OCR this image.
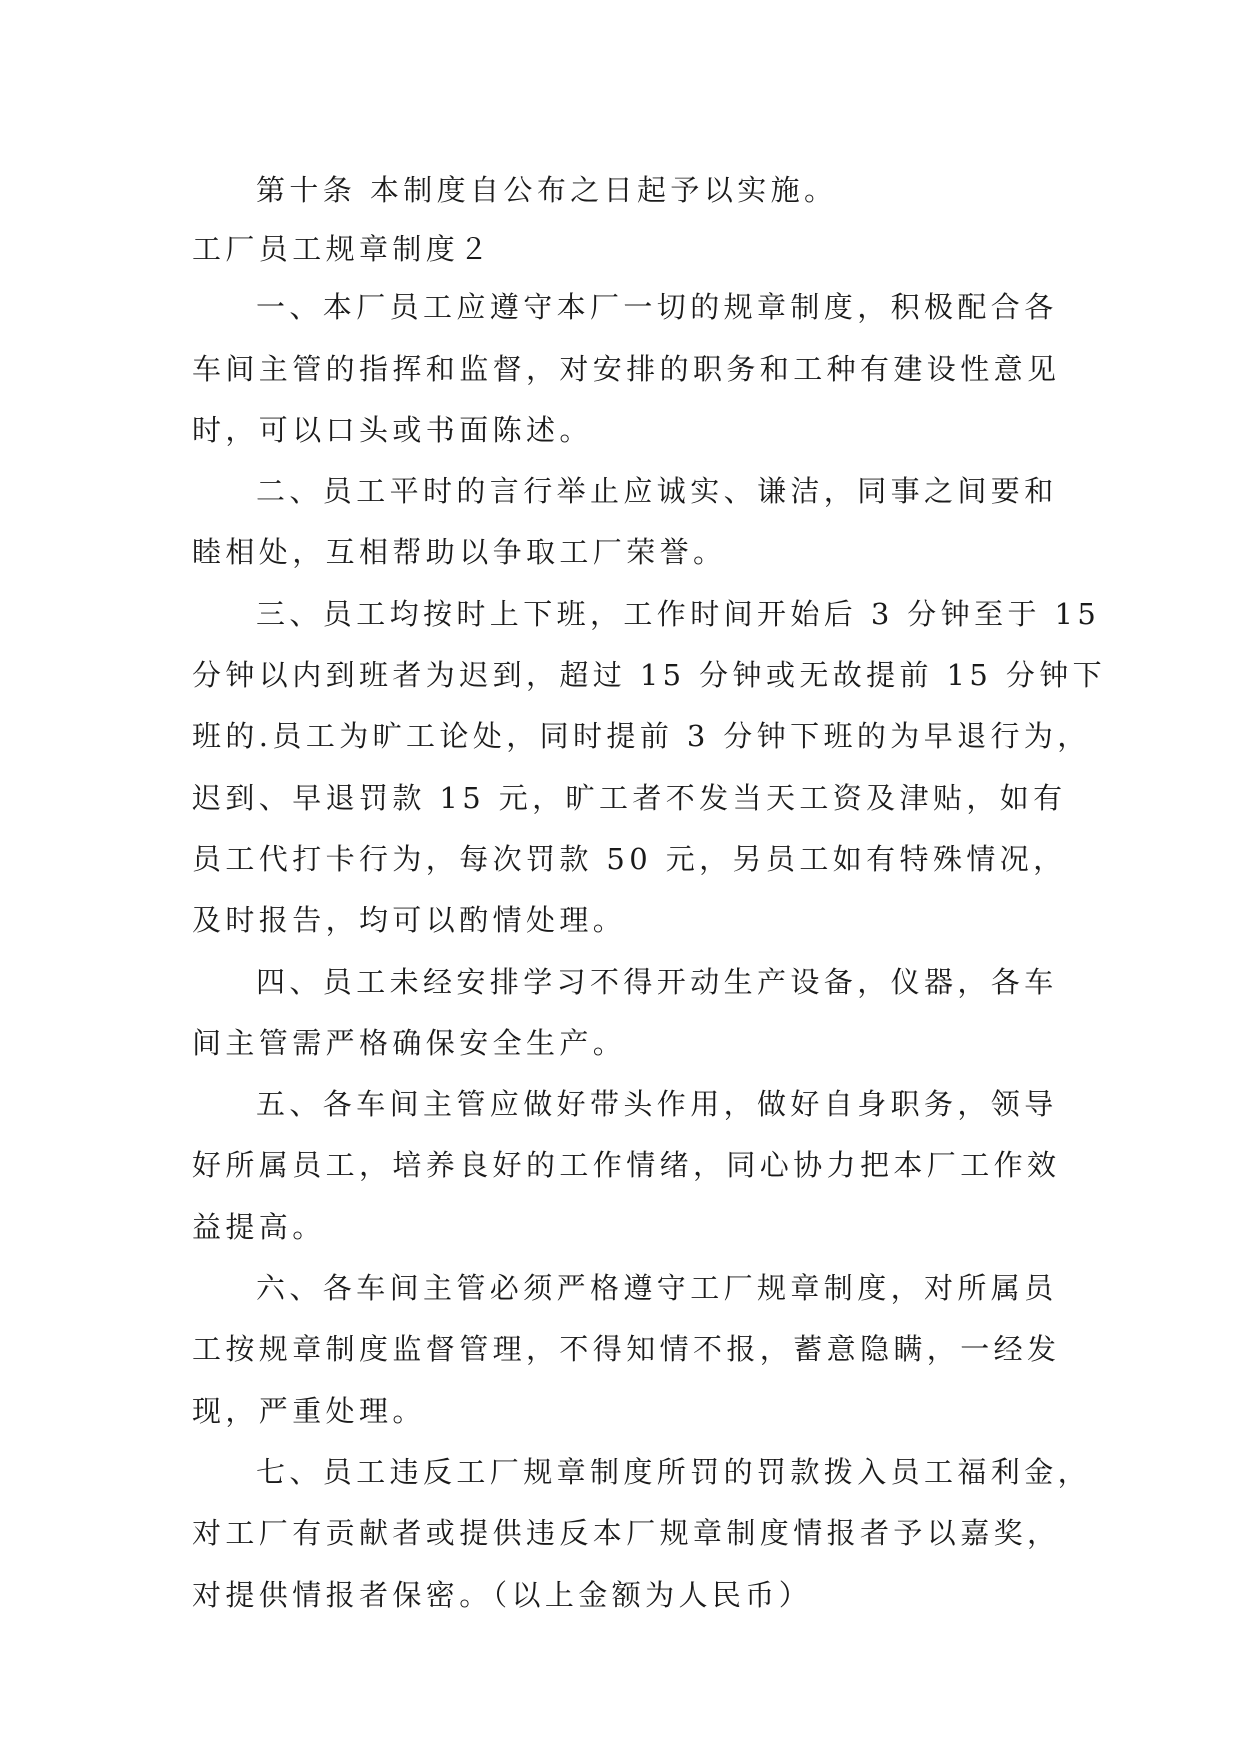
第十条 本制度自公布之日起予以实施。
工厂员工规章制度２
一、本厂员工应遵守本厂一切的规章制度，积极配合各
车间主管的指挥和监督，对安排的职务和工种有建设性意见
时，可以口头或书面陈述。
二、员工平时的言行举止应诚实、谦洁，同事之间要和
睦相处，互相帮助以争取工厂荣誉。
三、员工均按时上下班，工作时间开始后 3 分钟至于 15
分钟以内到班者为迟到，超过 15 分钟或无故提前 15 分钟下
班的.员工为旷工论处，同时提前 3 分钟下班的为早退行为，
迟到、早退罚款 15 元，旷工者不发当天工资及津贴，如有
员工代打卡行为，每次罚款 50 元，另员工如有特殊情况，
及时报告，均可以酌情处理。
四、员工未经安排学习不得开动生产设备，仪器，各车
间主管需严格确保安全生产。
五、各车间主管应做好带头作用，做好自身职务，领导
好所属员工，培养良好的工作情绪，同心协力把本厂工作效
益提高。
六、各车间主管必须严格遵守工厂规章制度，对所属员
工按规章制度监督管理，不得知情不报，蓄意隐瞒，一经发
现，严重处理。
七、员工违反工厂规章制度所罚的罚款拨入员工福利金，
对工厂有贡献者或提供违反本厂规章制度情报者予以嘉奖，
对提供情报者保密。（以上金额为人民币）
